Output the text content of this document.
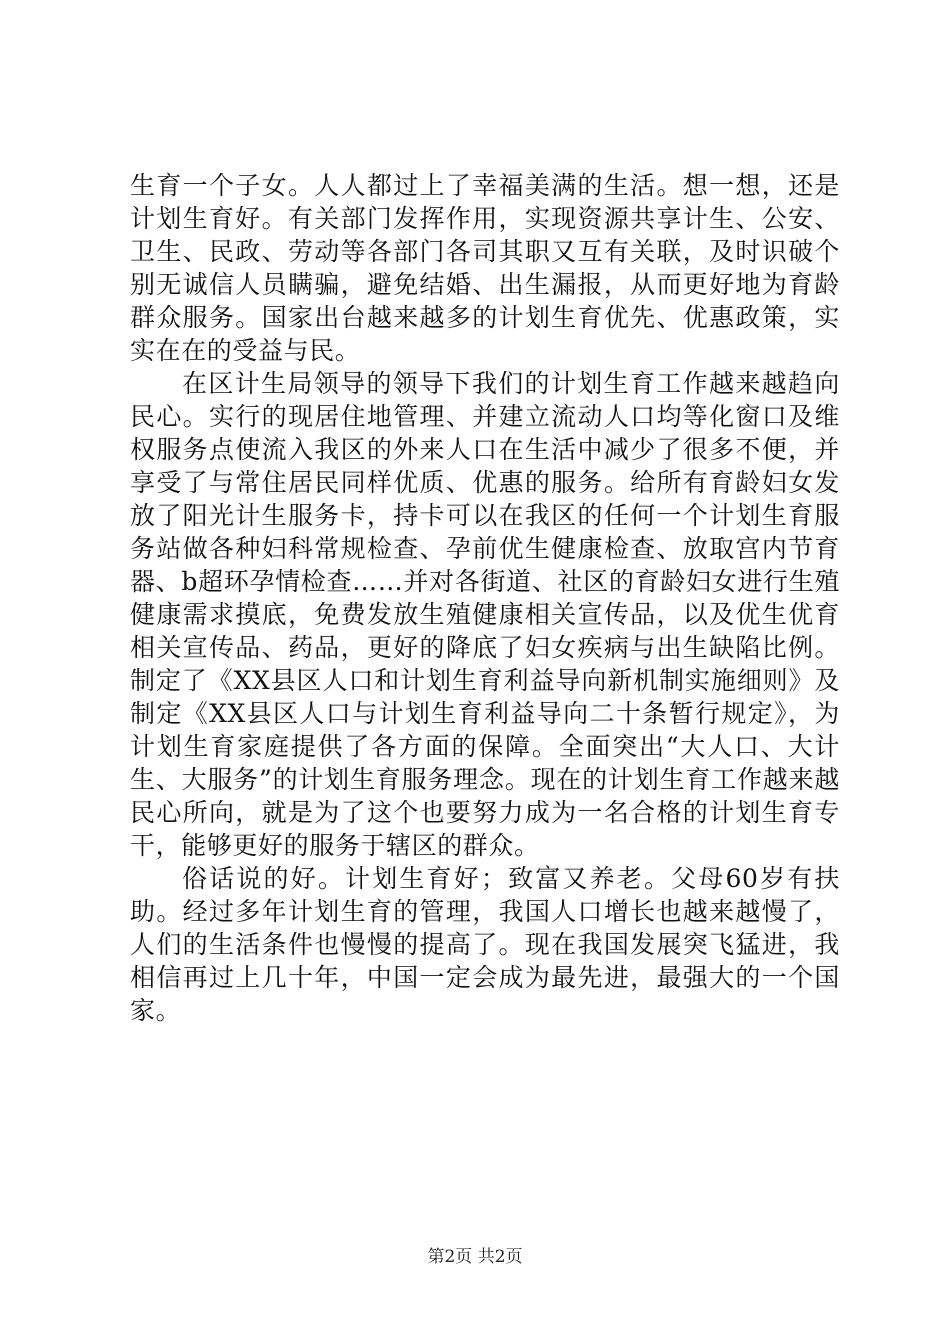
生育一个子女。人人都过上了幸福美满的生活。想一想，还是计划生育好。有关部门发挥作用，实现资源共享计生、公安、卫生、民政、劳动等各部门各司其职又互有关联，及时识破个别无诚信人员瞒骗，避免结婚、出生漏报，从而更好地为育龄群众服务。国家出台越来越多的计划生育优先、优惠政策，实实在在的受益与民。

在区计生局领导的领导下我们的计划生育工作越来越趋向民心。实行的现居住地管理、并建立流动人口均等化窗口及维权服务点使流入我区的外来人口在生活中减少了很多不便，并享受了与常住居民同样优质、优惠的服务。给所有育龄妇女发放了阳光计生服务卡，持卡可以在我区的任何一个计划生育服务站做各种妇科常规检查、孕前优生健康检查、放取宫内节育器、b超环孕情检查……并对各街道、社区的育龄妇女进行生殖健康需求摸底，免费发放生殖健康相关宣传品，以及优生优育相关宣传品、药品，更好的降底了妇女疾病与出生缺陷比例。制定了《XX县区人口和计划生育利益导向新机制实施细则》及制定《XX县区人口与计划生育利益导向二十条暂行规定》，为计划生育家庭提供了各方面的保障。全面突出“大人口、大计生、大服务”的计划生育服务理念。现在的计划生育工作越来越民心所向，就是为了这个也要努力成为一名合格的计划生育专干，能够更好的服务于辖区的群众。

俗话说的好。计划生育好；致富又养老。父母60岁有扶助。经过多年计划生育的管理，我国人口增长也越来越慢了，人们的生活条件也慢慢的提高了。现在我国发展突飞猛进，我相信再过上几十年，中国一定会成为最先进，最强大的一个国家。

第2页 共2页
